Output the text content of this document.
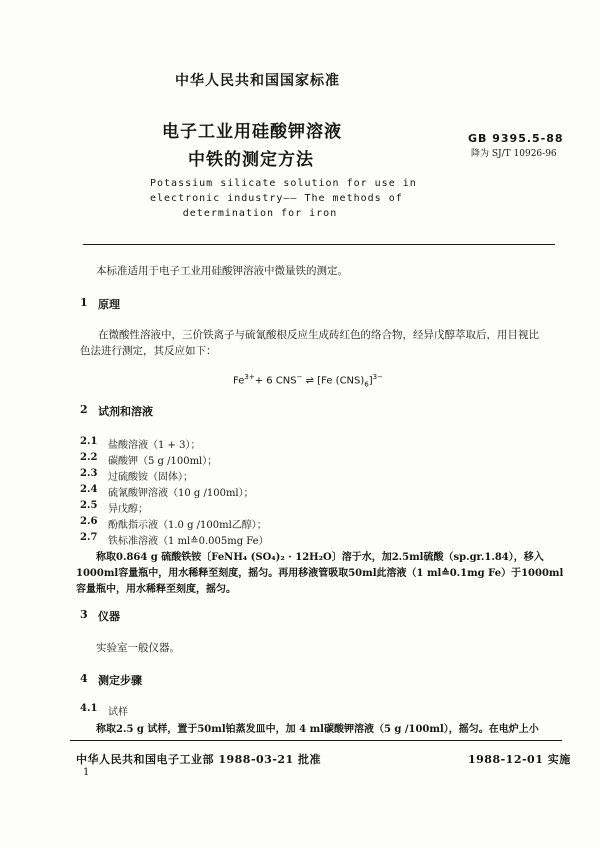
中华人民共和国国家标准
电子工业用硅酸钾溶液
中铁的测定方法
GB 9395.5-88
降为 SJ/T 10926-96
Potassium silicate solution for use in
electronic industry—— The methods of
determination for iron
本标准适用于电子工业用硅酸钾溶液中微量铁的测定。
1 原理
在微酸性溶液中，三价铁离子与硫氰酸根反应生成砖红色的络合物，经异戊醇萃取后，用目视比
色法进行测定，其反应如下：
$Fe^{3+}+ 6$ CNS− ⇌ [Fe $(CNS)_6]^{3-}$
2 试剂和溶液
2.1 盐酸溶液（1 + 3）；
2.2 碳酸钾（5 g /100ml）；
2.3 过硫酸铵（固体）；
2.4 硫氰酸钾溶液（10 g /100ml）；
2.5 异戊醇；
2.6 酚酞指示液（1.0 g /100ml乙醇）；
2.7 铁标准溶液（1 ml≙0.005mg Fe）
称取0.864 g 硫酸铁铵〔FeNH₄ (SO₄)₂ · 12H₂O〕溶于水，加2.5ml硫酸（sp.gr.1.84），移入
1000ml容量瓶中，用水稀释至刻度，摇匀。再用移液管吸取50ml此溶液（1 ml≙0.1mg Fe）于1000ml
容量瓶中，用水稀释至刻度，摇匀。
3 仪器
实验室一般仪器。
4 测定步骤
4.1 试样
称取2.5 g 试样，置于50ml铂蒸发皿中，加 4 ml碳酸钾溶液（5 g /100ml），摇匀。在电炉上小
中华人民共和国电子工业部 1988-03-21 批准	1988-12-01 实施
1
